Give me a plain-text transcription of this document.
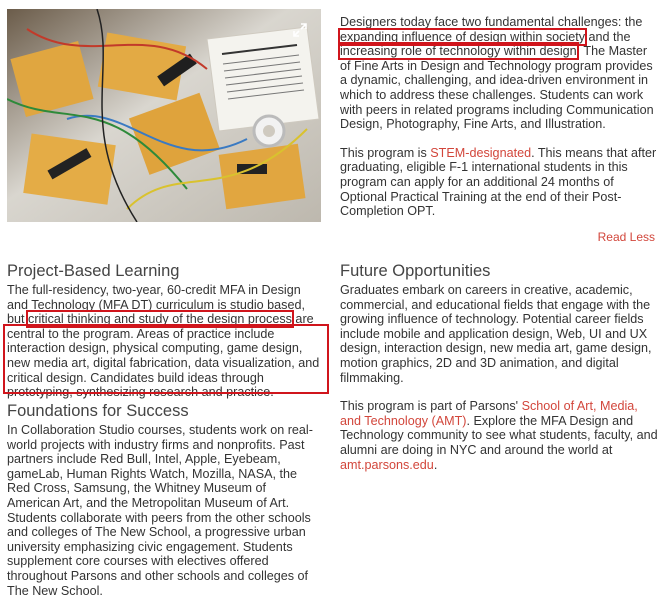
Designers today face two fundamental challenges: the expanding influence of design within society and the increasing role of technology within design. The Master of Fine Arts in Design and Technology program provides a dynamic, challenging, and idea-driven environment in which to address these challenges. Students can work with peers in related programs including Communication Design, Photography, Fine Arts, and Illustration.

This program is STEM-designated. This means that after graduating, eligible F-1 international students in this program can apply for an additional 24 months of Optional Practical Training at the end of their Post-Completion OPT.

Read Less
Project-Based Learning

The full-residency, two-year, 60-credit MFA in Design and Technology (MFA DT) curriculum is studio based, but critical thinking and study of the design process are central to the program. Areas of practice include interaction design, physical computing, game design, new media art, digital fabrication, data visualization, and critical design. Candidates build ideas through prototyping, synthesizing research and practice.

Foundations for Success

In Collaboration Studio courses, students work on real-world projects with industry firms and nonprofits. Past partners include Red Bull, Intel, Apple, Eyebeam, gameLab, Human Rights Watch, Mozilla, NASA, the Red Cross, Samsung, the Whitney Museum of American Art, and the Metropolitan Museum of Art. Students collaborate with peers from the other schools and colleges of The New School, a progressive urban university emphasizing civic engagement. Students supplement core courses with electives offered throughout Parsons and other schools and colleges of The New School.

Future Opportunities

Graduates embark on careers in creative, academic, commercial, and educational fields that engage with the growing influence of technology. Potential career fields include mobile and application design, Web, UI and UX design, interaction design, new media art, game design, motion graphics, 2D and 3D animation, and digital filmmaking.

This program is part of Parsons' School of Art, Media, and Technology (AMT). Explore the MFA Design and Technology community to see what students, faculty, and alumni are doing in NYC and around the world at amt.parsons.edu.
